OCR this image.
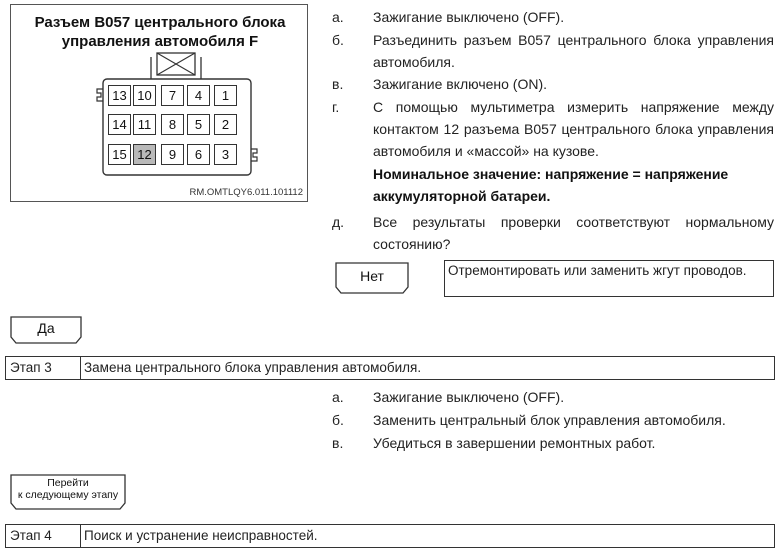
Разъем B057 центрального блока управления автомобиля F
13 10	7	4	1
14 11	8	5	2
15 12	9	6	3
RM.OMTLQY6.011.101112
а. Зажигание выключено (OFF).
б. Разъединить разъем B057 центрального блока управления автомобиля.
в. Зажигание включено (ON).
г. С помощью мультиметра измерить напряжение между контактом 12 разъема B057 центрального блока управления автомобиля и «массой» на кузове.
Номинальное значение: напряжение = напряжение аккумуляторной батареи.
д. Все результаты проверки соответствуют нормальному состоянию?
Нет	Отремонтировать или заменить жгут проводов.
Да
Этап 3	Замена центрального блока управления автомобиля.
а. Зажигание выключено (OFF).
б. Заменить центральный блок управления автомобиля.
в. Убедиться в завершении ремонтных работ.
Перейти
к следующему этапу
Этап 4	Поиск и устранение неисправностей.
